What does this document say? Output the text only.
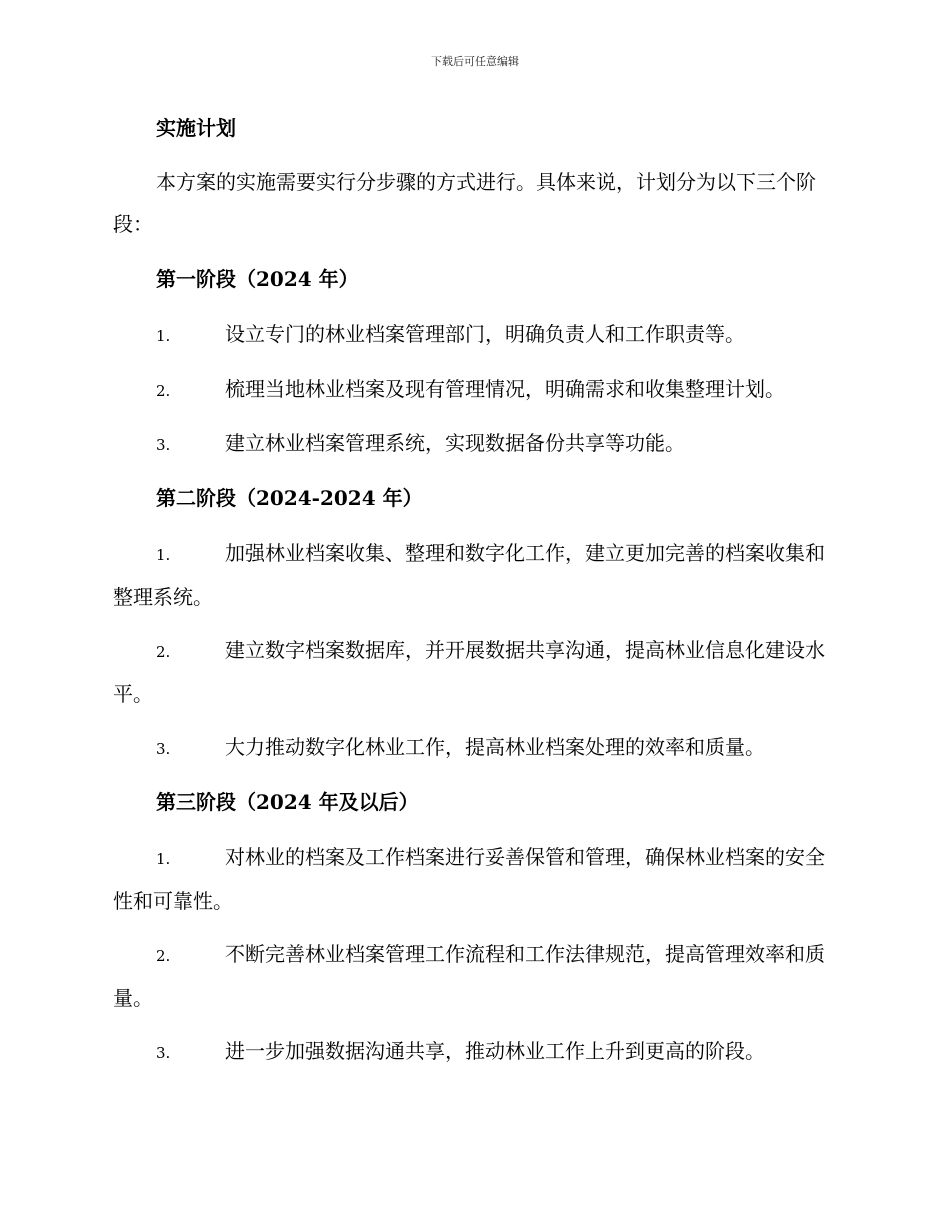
下载后可任意编辑
实施计划

本方案的实施需要实行分步骤的方式进行。具体来说，计划分为以下三个阶段：

第一阶段（2024 年）

1.	设立专门的林业档案管理部门，明确负责人和工作职责等。

2.	梳理当地林业档案及现有管理情况，明确需求和收集整理计划。

3.	建立林业档案管理系统，实现数据备份共享等功能。

第二阶段（2024-2024 年）

1.	加强林业档案收集、整理和数字化工作，建立更加完善的档案收集和整理系统。

2.	建立数字档案数据库，并开展数据共享沟通，提高林业信息化建设水平。

3.	大力推动数字化林业工作，提高林业档案处理的效率和质量。

第三阶段（2024 年及以后）

1.	对林业的档案及工作档案进行妥善保管和管理，确保林业档案的安全性和可靠性。

2.	不断完善林业档案管理工作流程和工作法律规范，提高管理效率和质量。

3.	进一步加强数据沟通共享，推动林业工作上升到更高的阶段。
